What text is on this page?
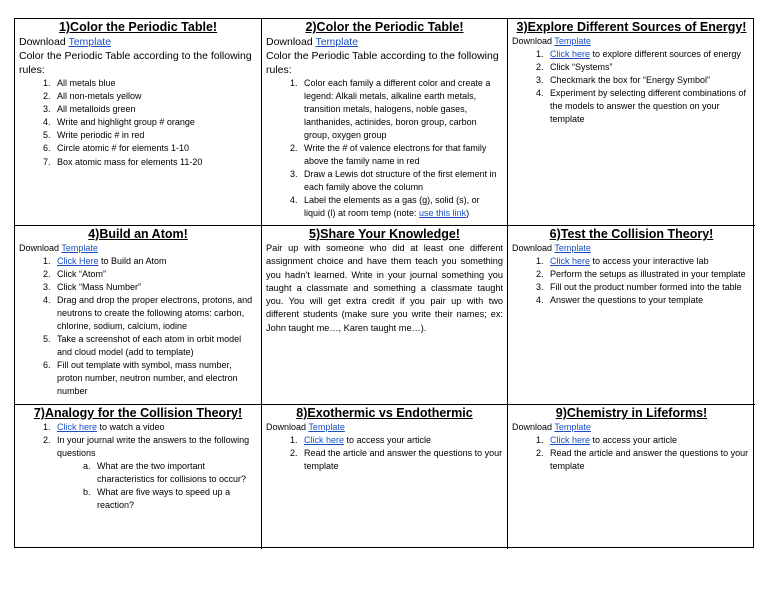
1)Color the Periodic Table!
Download Template
Color the Periodic Table according to the following rules:
1. All metals blue
2. All non-metals yellow
3. All metalloids green
4. Write and highlight group # orange
5. Write periodic # in red
6. Circle atomic # for elements 1-10
7. Box atomic mass for elements 11-20
2)Color the Periodic Table!
Download Template
Color the Periodic Table according to the following rules:
1. Color each family a different color and create a legend: Alkali metals, alkaline earth metals, transition metals, halogens, noble gases, lanthanides, actinides, boron group, carbon group, oxygen group
2. Write the # of valence electrons for that family above the family name in red
3. Draw a Lewis dot structure of the first element in each family above the column
4. Label the elements as a gas (g), solid (s), or liquid (l) at room temp (note: use this link)
3)Explore Different Sources of Energy!
Download Template
1. Click here to explore different sources of energy
2. Click “Systems”
3. Checkmark the box for “Energy Symbol”
4. Experiment by selecting different combinations of the models to answer the question on your template
4)Build an Atom!
Download Template
1. Click Here to Build an Atom
2. Click “Atom”
3. Click “Mass Number”
4. Drag and drop the proper electrons, protons, and neutrons to create the following atoms: carbon, chlorine, sodium, calcium, iodine
5. Take a screenshot of each atom in orbit model and cloud model (add to template)
6. Fill out template with symbol, mass number, proton number, neutron number, and electron number
5)Share Your Knowledge!
Pair up with someone who did at least one different assignment choice and have them teach you something you hadn’t learned. Write in your journal something you taught a classmate and something a classmate taught you. You will get extra credit if you pair up with two different students (make sure you write their names; ex: John taught me…, Karen taught me…).
6)Test the Collision Theory!
Download Template
1. Click here to access your interactive lab
2. Perform the setups as illustrated in your template
3. Fill out the product number formed into the table
4. Answer the questions to your template
7)Analogy for the Collision Theory!
1. Click here to watch a video
2. In your journal write the answers to the following questions
a. What are the two important characteristics for collisions to occur?
b. What are five ways to speed up a reaction?
8)Exothermic vs Endothermic
Download Template
1. Click here to access your article
2. Read the article and answer the questions to your template
9)Chemistry in Lifeforms!
Download Template
1. Click here to access your article
2. Read the article and answer the questions to your template
